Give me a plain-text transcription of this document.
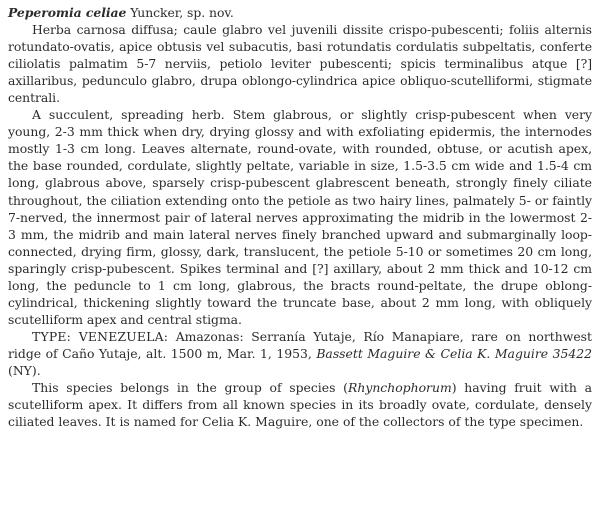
Peperomia celiae Yuncker, sp. nov.
Herba carnosa diffusa; caule glabro vel juvenili dissite crispo-pubescenti; foliis alternis rotundato-ovatis, apice obtusis vel subacutis, basi rotundatis cordulatis subpeltatis, conferte ciliolatis palmatim 5-7 nerviis, petiolo leviter pubescenti; spicis terminalibus atque [?] axillaribus, pedunculo glabro, drupa oblongo-cylindrica apice obliquo-scutelliformi, stigmate centrali.

A succulent, spreading herb. Stem glabrous, or slightly crisp-pubescent when very young, 2-3 mm thick when dry, drying glossy and with exfoliating epidermis, the internodes mostly 1-3 cm long. Leaves alternate, round-ovate, with rounded, obtuse, or acutish apex, the base rounded, cordulate, slightly peltate, variable in size, 1.5-3.5 cm wide and 1.5-4 cm long, glabrous above, sparsely crisp-pubescent glabrescent beneath, strongly finely ciliate throughout, the ciliation extending onto the petiole as two hairy lines, palmately 5- or faintly 7-nerved, the innermost pair of lateral nerves approximating the midrib in the lowermost 2-3 mm, the midrib and main lateral nerves finely branched upward and submarginally loop-connected, drying firm, glossy, dark, translucent, the petiole 5-10 or sometimes 20 cm long, sparingly crisp-pubescent. Spikes terminal and [?] axillary, about 2 mm thick and 10-12 cm long, the peduncle to 1 cm long, glabrous, the bracts round-peltate, the drupe oblong-cylindrical, thickening slightly toward the truncate base, about 2 mm long, with obliquely scutelliform apex and central stigma.

TYPE: VENEZUELA: Amazonas: Serranía Yutaje, Río Manapiare, rare on northwest ridge of Caño Yutaje, alt. 1500 m, Mar. 1, 1953, Bassett Maguire & Celia K. Maguire 35422 (NY).

This species belongs in the group of species (Rhynchophorum) having fruit with a scutelliform apex. It differs from all known species in its broadly ovate, cordulate, densely ciliated leaves. It is named for Celia K. Maguire, one of the collectors of the type specimen.
